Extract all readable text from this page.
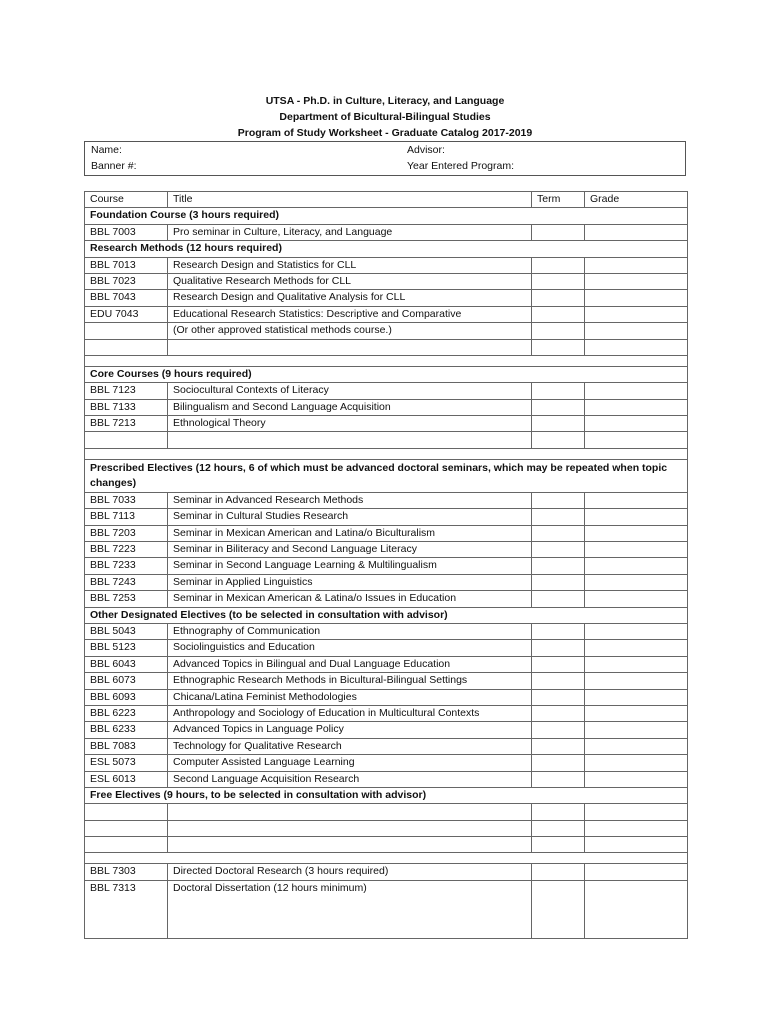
UTSA - Ph.D. in Culture, Literacy, and Language
Department of Bicultural-Bilingual Studies
Program of Study Worksheet - Graduate Catalog 2017-2019
Name:
Banner #:
Advisor:
Year Entered Program:
Course	Title	Term	Grade
Foundation Course (3 hours required)			
BBL 7003	Pro seminar in Culture, Literacy, and Language		
Research Methods (12 hours required)			
BBL 7013	Research Design and Statistics for CLL		
BBL 7023	Qualitative Research Methods for CLL		
BBL 7043	Research Design and Qualitative Analysis for CLL		
EDU 7043	Educational Research Statistics: Descriptive and Comparative		
	(Or other approved statistical methods course.)		

Core Courses (9 hours required)			
BBL 7123	Sociocultural Contexts of Literacy		
BBL 7133	Bilingualism and Second Language Acquisition		
BBL 7213	Ethnological Theory		

Prescribed Electives (12 hours, 6 of which must be advanced doctoral seminars, which may be repeated when topic changes)			
BBL 7033	Seminar in Advanced Research Methods		
BBL 7113	Seminar in Cultural Studies Research		
BBL 7203	Seminar in Mexican American and Latina/o Biculturalism		
BBL 7223	Seminar in Biliteracy and Second Language Literacy		
BBL 7233	Seminar in Second Language Learning & Multilingualism		
BBL 7243	Seminar in Applied Linguistics		
BBL 7253	Seminar in Mexican American & Latina/o Issues in Education		
Other Designated Electives (to be selected in consultation with advisor)			
BBL 5043	Ethnography of Communication		
BBL 5123	Sociolinguistics and Education		
BBL 6043	Advanced Topics in Bilingual and Dual Language Education		
BBL 6073	Ethnographic Research Methods in Bicultural-Bilingual Settings		
BBL 6093	Chicana/Latina Feminist Methodologies		
BBL 6223	Anthropology and Sociology of Education in Multicultural Contexts		
BBL 6233	Advanced Topics in Language Policy		
BBL 7083	Technology for Qualitative Research		
ESL 5073	Computer Assisted Language Learning		
ESL 6013	Second Language Acquisition Research		
Free Electives (9 hours, to be selected in consultation with advisor)			

BBL 7303	Directed Doctoral Research (3 hours required)		
BBL 7313	Doctoral Dissertation (12 hours minimum)		
